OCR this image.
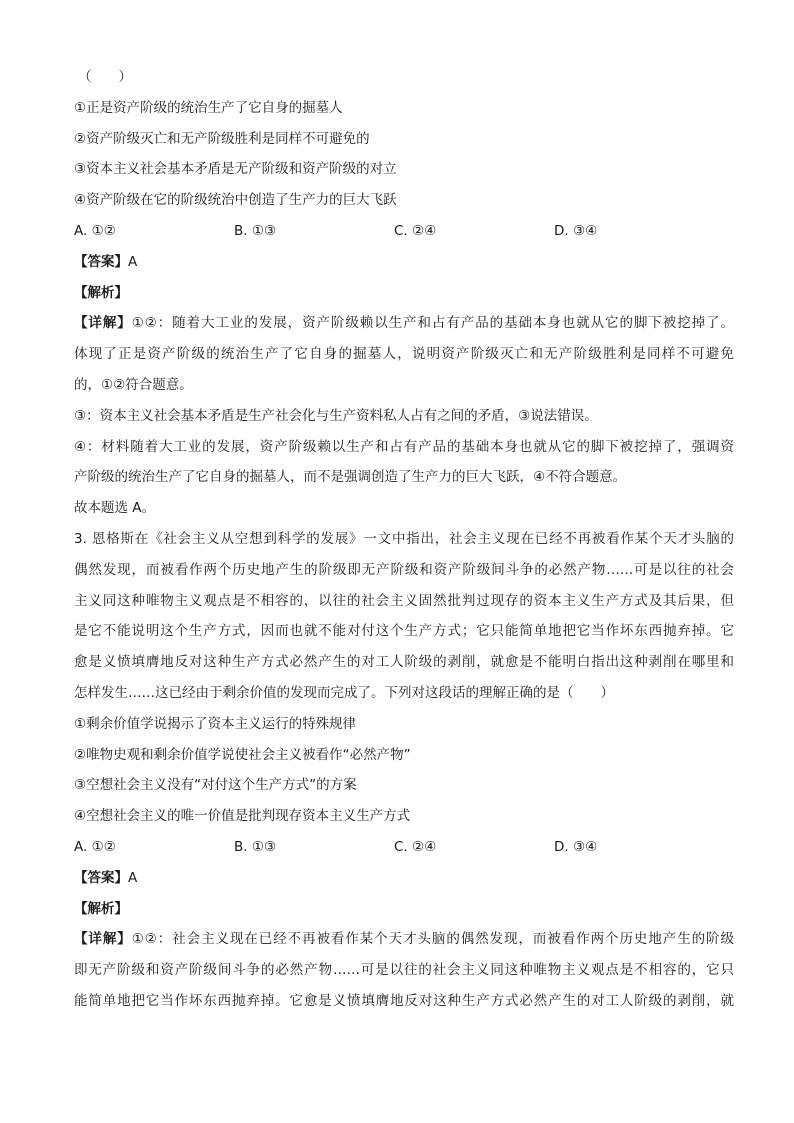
（　　）
①正是资产阶级的统治生产了它自身的掘墓人
②资产阶级灭亡和无产阶级胜利是同样不可避免的
③资本主义社会基本矛盾是无产阶级和资产阶级的对立
④资产阶级在它的阶级统治中创造了生产力的巨大飞跃
A. ①②	B. ①③	C. ②④	D. ③④
【答案】A
【解析】
【详解】①②：随着大工业的发展，资产阶级赖以生产和占有产品的基础本身也就从它的脚下被挖掉了。
体现了正是资产阶级的统治生产了它自身的掘墓人，说明资产阶级灭亡和无产阶级胜利是同样不可避免
的，①②符合题意。
③：资本主义社会基本矛盾是生产社会化与生产资料私人占有之间的矛盾，③说法错误。
④：材料随着大工业的发展，资产阶级赖以生产和占有产品的基础本身也就从它的脚下被挖掉了，强调资
产阶级的统治生产了它自身的掘墓人，而不是强调创造了生产力的巨大飞跃，④不符合题意。
故本题选 A。
3. 恩格斯在《社会主义从空想到科学的发展》一文中指出，社会主义现在已经不再被看作某个天才头脑的
偶然发现，而被看作两个历史地产生的阶级即无产阶级和资产阶级间斗争的必然产物……可是以往的社会
主义同这种唯物主义观点是不相容的，以往的社会主义固然批判过现存的资本主义生产方式及其后果，但
是它不能说明这个生产方式，因而也就不能对付这个生产方式；它只能简单地把它当作坏东西抛弃掉。它
愈是义愤填膺地反对这种生产方式必然产生的对工人阶级的剥削，就愈是不能明白指出这种剥削在哪里和
怎样发生……这已经由于剩余价值的发现而完成了。下列对这段话的理解正确的是（　　）
①剩余价值学说揭示了资本主义运行的特殊规律
②唯物史观和剩余价值学说使社会主义被看作“必然产物”
③空想社会主义没有“对付这个生产方式”的方案
④空想社会主义的唯一价值是批判现存资本主义生产方式
A. ①②	B. ①③	C. ②④	D. ③④
【答案】A
【解析】
【详解】①②：社会主义现在已经不再被看作某个天才头脑的偶然发现，而被看作两个历史地产生的阶级
即无产阶级和资产阶级间斗争的必然产物……可是以往的社会主义同这种唯物主义观点是不相容的，它只
能简单地把它当作坏东西抛弃掉。它愈是义愤填膺地反对这种生产方式必然产生的对工人阶级的剥削，就
